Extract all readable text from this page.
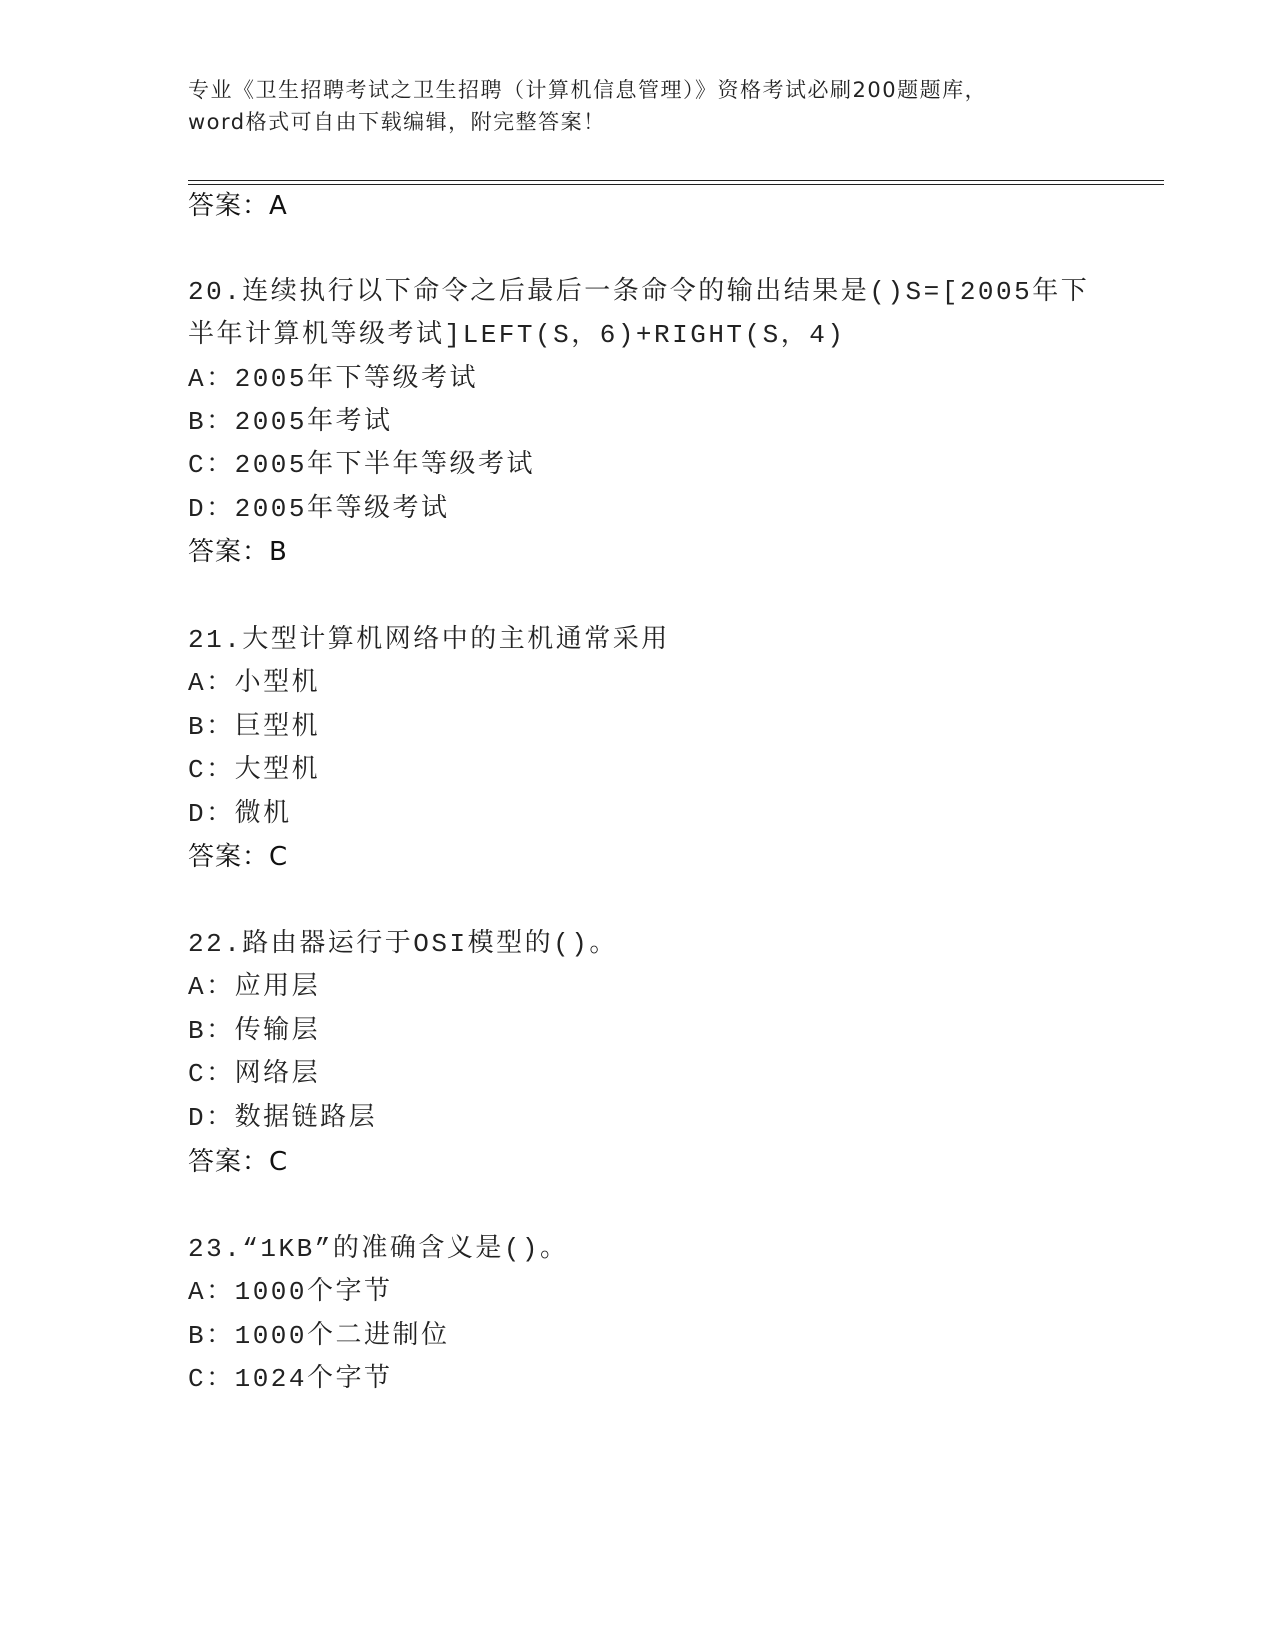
专业《卫生招聘考试之卫生招聘（计算机信息管理）》资格考试必刷200题题库，
word格式可自由下载编辑，附完整答案！
答案：A
20.连续执行以下命令之后最后一条命令的输出结果是()S=[2005年下
半年计算机等级考试]LEFT(S，6)+RIGHT(S，4)
A：2005年下等级考试
B：2005年考试
C：2005年下半年等级考试
D：2005年等级考试
答案：B
21.大型计算机网络中的主机通常采用
A：小型机
B：巨型机
C：大型机
D：微机
答案：C
22.路由器运行于OSI模型的()。
A：应用层
B：传输层
C：网络层
D：数据链路层
答案：C
23.“1KB”的准确含义是()。
A：1000个字节
B：1000个二进制位
C：1024个字节
